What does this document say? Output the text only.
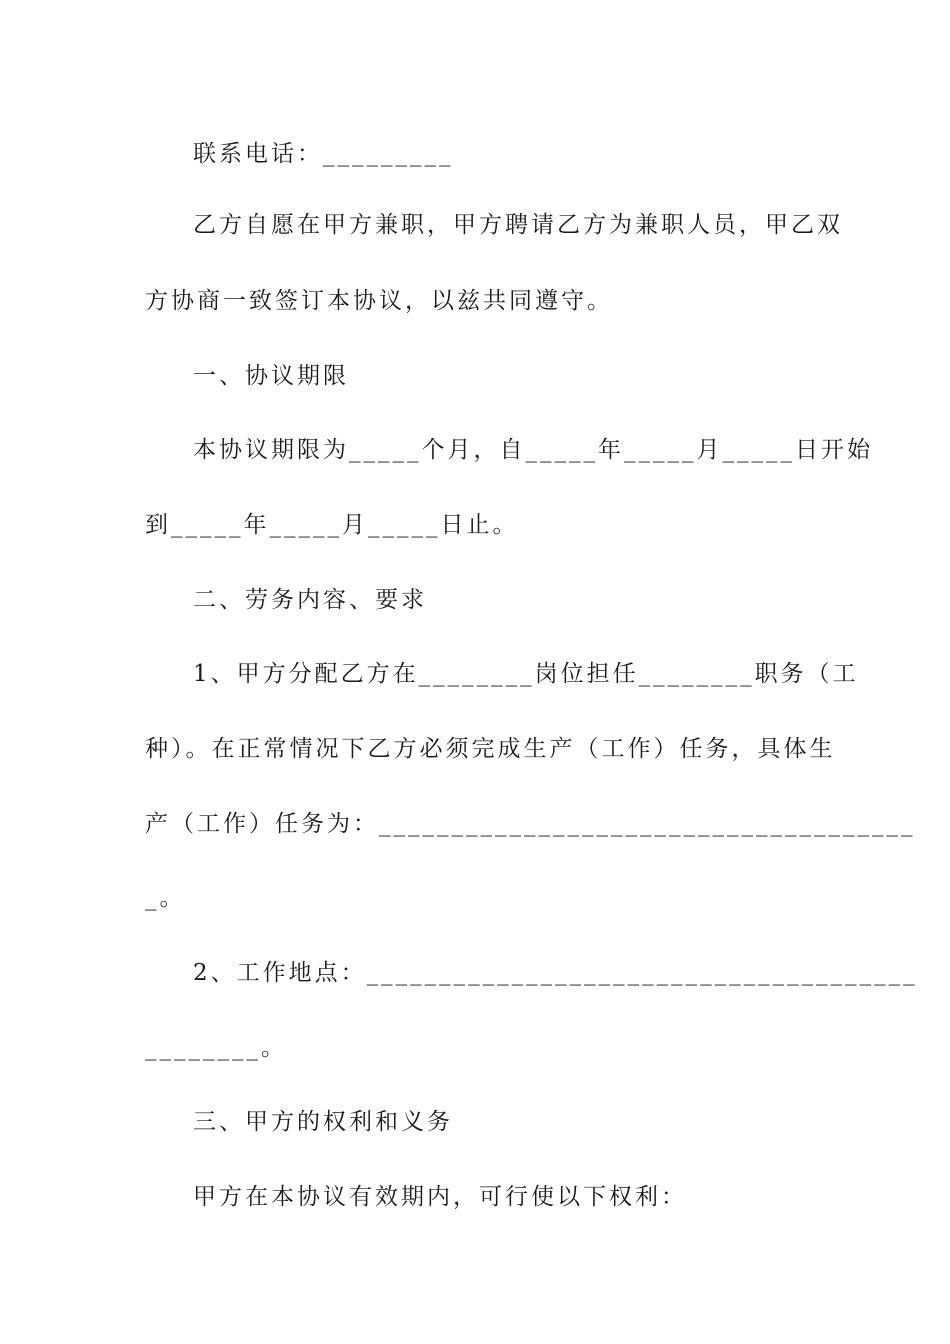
联系电话：_________
乙方自愿在甲方兼职，甲方聘请乙方为兼职人员，甲乙双
方协商一致签订本协议，以兹共同遵守。
一、协议期限
本协议期限为_____个月，自_____年_____月_____日开始
到_____年_____月_____日止。
二、劳务内容、要求
1、甲方分配乙方在________岗位担任________职务（工
种）。在正常情况下乙方必须完成生产（工作）任务，具体生
产（工作）任务为：_____________________________________
_。
2、工作地点：______________________________________
________。
三、甲方的权利和义务
甲方在本协议有效期内，可行使以下权利：
